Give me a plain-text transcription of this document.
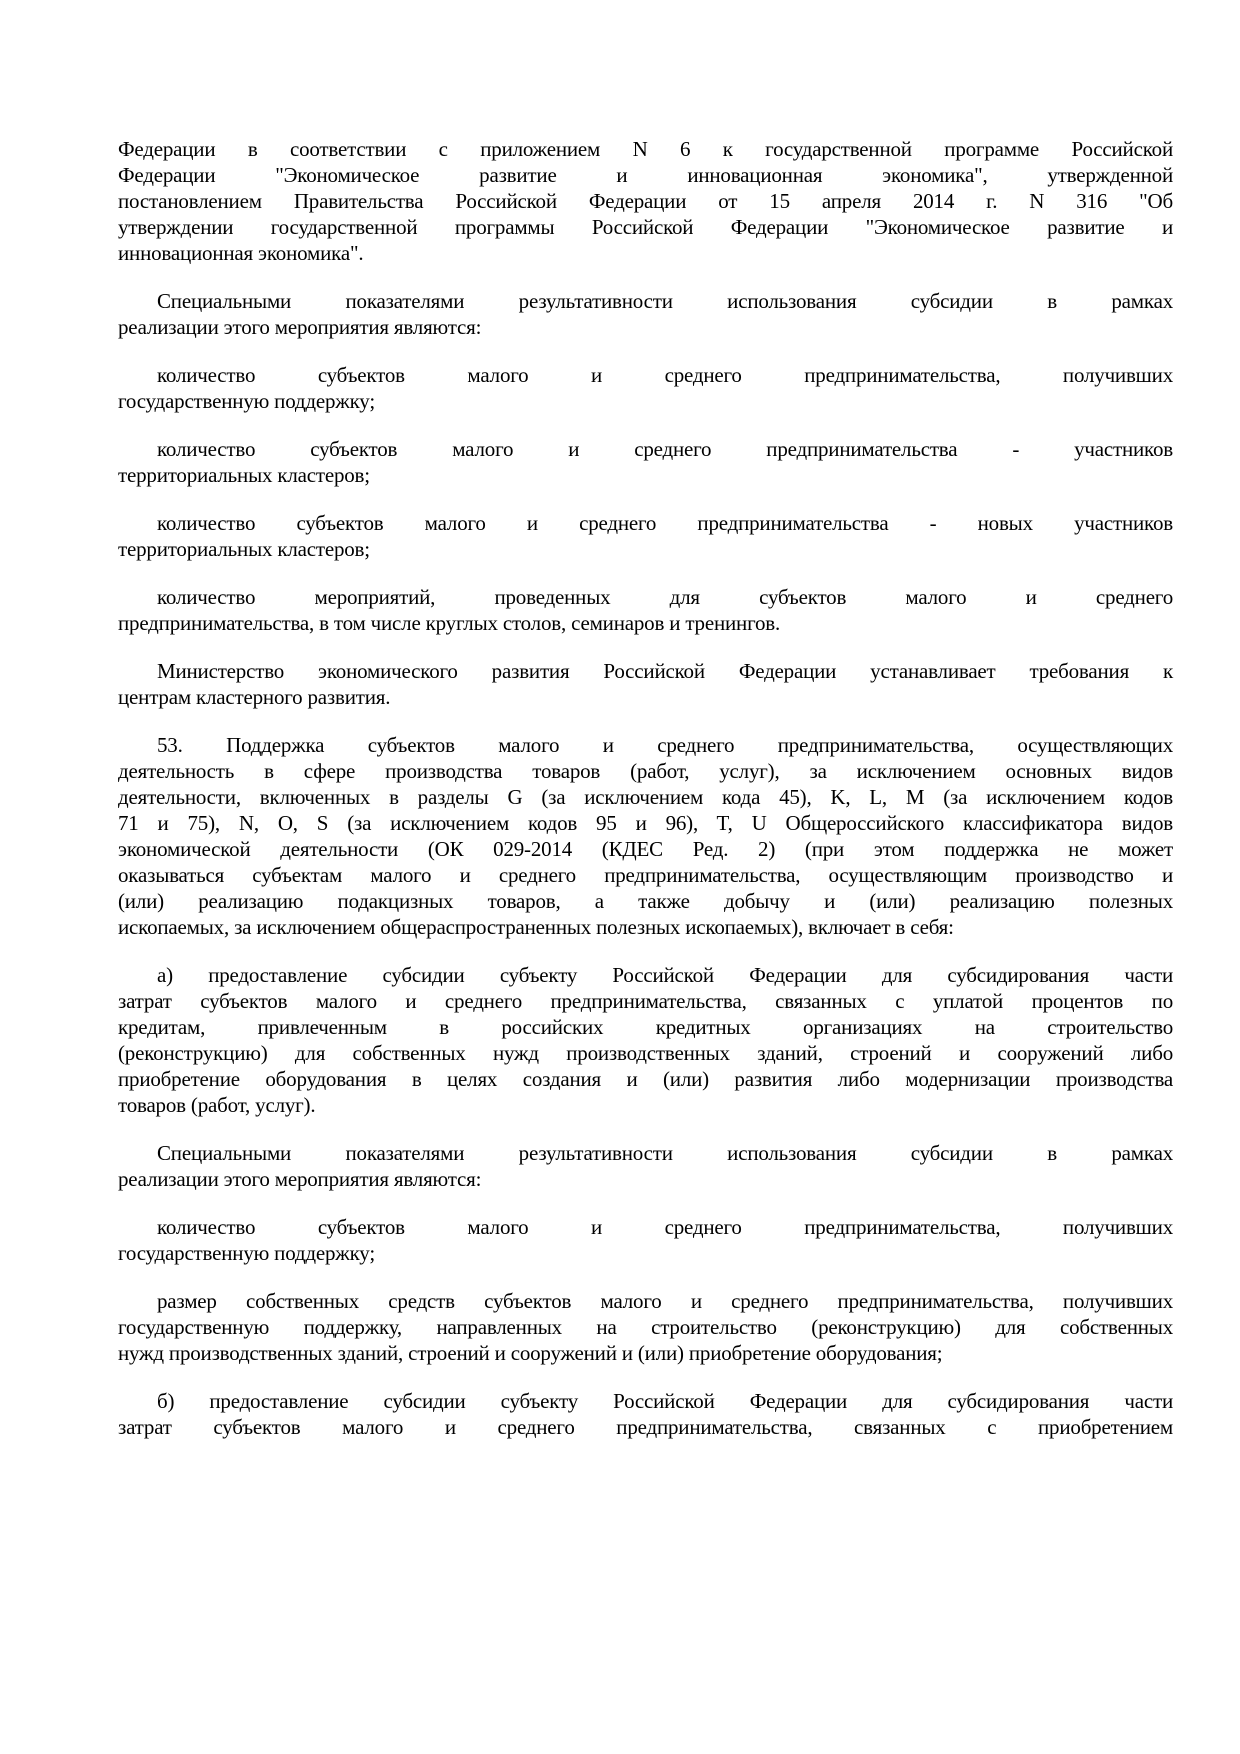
Федерации в соответствии с приложением N 6 к государственной программе Российской
Федерации "Экономическое развитие и инновационная экономика", утвержденной
постановлением Правительства Российской Федерации от 15 апреля 2014 г. N 316 "Об
утверждении государственной программы Российской Федерации "Экономическое развитие и
инновационная экономика".
Специальными показателями результативности использования субсидии в рамках
реализации этого мероприятия являются:
количество субъектов малого и среднего предпринимательства, получивших
государственную поддержку;
количество субъектов малого и среднего предпринимательства - участников
территориальных кластеров;
количество субъектов малого и среднего предпринимательства - новых участников
территориальных кластеров;
количество мероприятий, проведенных для субъектов малого и среднего
предпринимательства, в том числе круглых столов, семинаров и тренингов.
Министерство экономического развития Российской Федерации устанавливает требования к
центрам кластерного развития.
53. Поддержка субъектов малого и среднего предпринимательства, осуществляющих
деятельность в сфере производства товаров (работ, услуг), за исключением основных видов
деятельности, включенных в разделы G (за исключением кода 45), K, L, M (за исключением кодов
71 и 75), N, O, S (за исключением кодов 95 и 96), T, U Общероссийского классификатора видов
экономической деятельности (ОК 029-2014 (КДЕС Ред. 2) (при этом поддержка не может
оказываться субъектам малого и среднего предпринимательства, осуществляющим производство и
(или) реализацию подакцизных товаров, а также добычу и (или) реализацию полезных
ископаемых, за исключением общераспространенных полезных ископаемых), включает в себя:
а) предоставление субсидии субъекту Российской Федерации для субсидирования части
затрат субъектов малого и среднего предпринимательства, связанных с уплатой процентов по
кредитам, привлеченным в российских кредитных организациях на строительство
(реконструкцию) для собственных нужд производственных зданий, строений и сооружений либо
приобретение оборудования в целях создания и (или) развития либо модернизации производства
товаров (работ, услуг).
Специальными показателями результативности использования субсидии в рамках
реализации этого мероприятия являются:
количество субъектов малого и среднего предпринимательства, получивших
государственную поддержку;
размер собственных средств субъектов малого и среднего предпринимательства, получивших
государственную поддержку, направленных на строительство (реконструкцию) для собственных
нужд производственных зданий, строений и сооружений и (или) приобретение оборудования;
б) предоставление субсидии субъекту Российской Федерации для субсидирования части
затрат субъектов малого и среднего предпринимательства, связанных с приобретением
